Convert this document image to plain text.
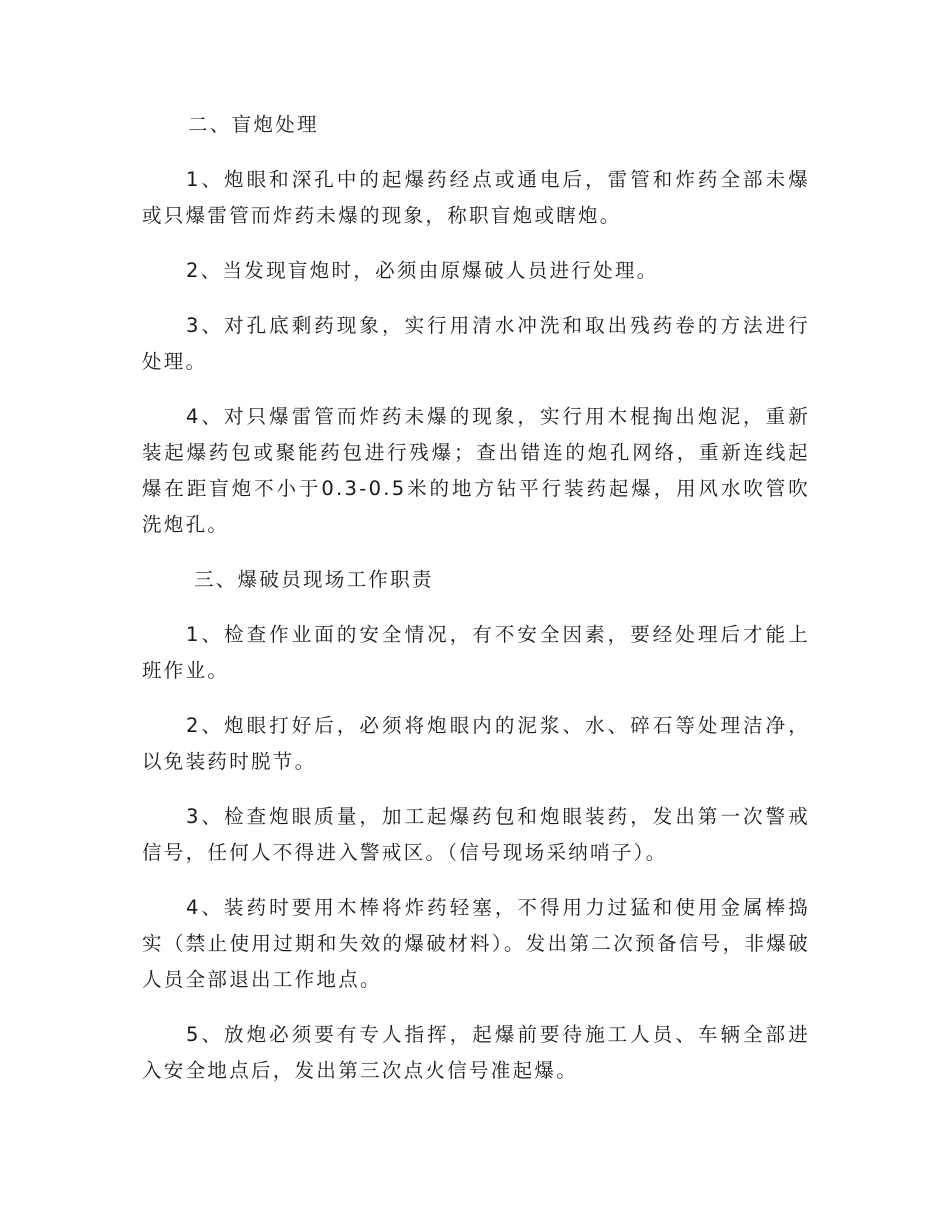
二、盲炮处理

1、炮眼和深孔中的起爆药经点或通电后，雷管和炸药全部未爆或只爆雷管而炸药未爆的现象，称职盲炮或瞎炮。

2、当发现盲炮时，必须由原爆破人员进行处理。

3、对孔底剩药现象，实行用清水冲洗和取出残药卷的方法进行处理。

4、对只爆雷管而炸药未爆的现象，实行用木棍掏出炮泥，重新装起爆药包或聚能药包进行残爆；查出错连的炮孔网络，重新连线起爆在距盲炮不小于0.3-0.5米的地方钻平行装药起爆，用风水吹管吹洗炮孔。

三、爆破员现场工作职责

1、检查作业面的安全情况，有不安全因素，要经处理后才能上班作业。

2、炮眼打好后，必须将炮眼内的泥浆、水、碎石等处理洁净，以免装药时脱节。

3、检查炮眼质量，加工起爆药包和炮眼装药，发出第一次警戒信号，任何人不得进入警戒区。（信号现场采纳哨子）。

4、装药时要用木棒将炸药轻塞，不得用力过猛和使用金属棒捣实（禁止使用过期和失效的爆破材料）。发出第二次预备信号，非爆破人员全部退出工作地点。

5、放炮必须要有专人指挥，起爆前要待施工人员、车辆全部进入安全地点后，发出第三次点火信号准起爆。
